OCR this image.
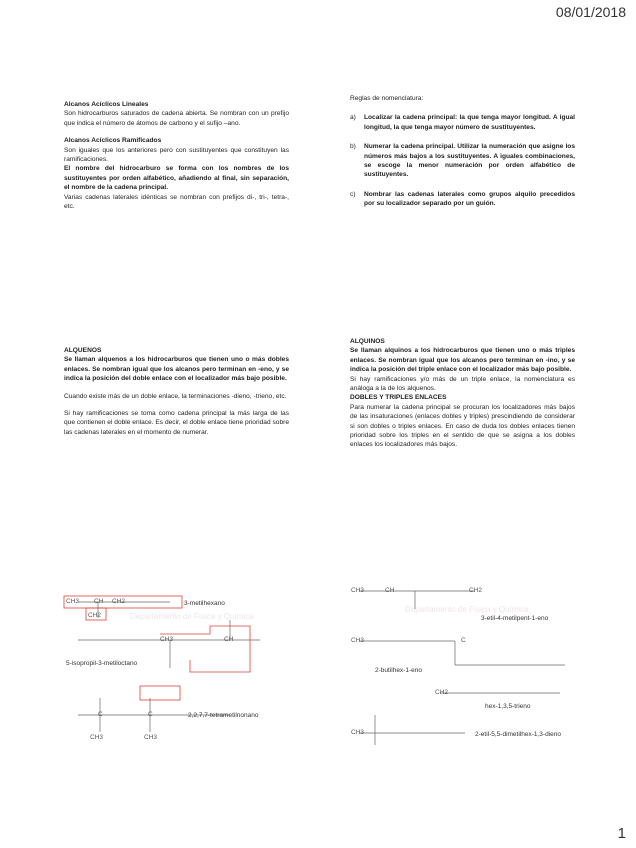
08/01/2018
Alcanos Acíclicos Lineales

Son hidrocarburos saturados de cadena abierta. Se nombran con un prefijo que indica el número de átomos de carbono y el sufijo –ano.

Alcanos Acíclicos Ramificados
Son iguales que los anteriores pero con sustituyentes que constituyen las ramificaciones.
El nombre del hidrocarburo se forma con los nombres de los sustituyentes por orden alfabético, añadiendo al final, sin separación, el nombre de la cadena principal.
Varias cadenas laterales idénticas se nombran con prefijos di-, tri-, tetra-, etc.
Reglas de nomenclatura:
a)	Localizar la cadena principal: la que tenga mayor longitud. A igual longitud, la que tenga mayor número de sustituyentes.
b)	Numerar la cadena principal. Utilizar la numeración que asigne los números más bajos a los sustituyentes. A iguales combinaciones, se escoge la menor numeración por orden alfabético de sustituyentes.
c)	Nombrar las cadenas laterales como grupos alquilo precedidos por su localizador separado por un guión.
ALQUENOS

Se llaman alquenos a los hidrocarburos que tienen uno o más dobles enlaces. Se nombran igual que los alcanos pero terminan en -eno, y se indica la posición del doble enlace con el localizador más bajo posible.

Cuando existe más de un doble enlace, la terminaciones -dieno, -trieno, etc.

Si hay ramificaciones se toma como cadena principal la más larga de las que contienen el doble enlace. Es decir, el doble enlace tiene prioridad sobre las cadenas laterales en el momento de numerar.

ALQUINOS
Se llaman alquinos a los hidrocarburos que tienen uno o más triples enlaces. Se nombran igual que los alcanos pero terminan en -ino, y se indica la posición del triple enlace con el localizador más bajo posible.
Si hay ramificaciones y/o más de un triple enlace, la nomenclatura es análoga a la de los alquenos.
DOBLES Y TRIPLES ENLACES
Para numerar la cadena principal se procuran los localizadores más bajos de las insaturaciones (enlaces dobles y triples) prescindiendo de considerar si son dobles o triples enlaces. En caso de duda los dobles enlaces tienen prioridad sobre los triples en el sentido de que se asigna a los dobles enlaces los localizadores más bajos.
Departamento de Física y Química
CH3	CH2
CH
CH2
CH3	CH
C	C
CH3	CH3
3-metilhexano
5-isopropil-3-metiloctano
2,2,7,7-tetrametilnonano
Departamento de Física y Química
CH3	CH	CH2
CH3	C
CH2
CH3
3-etil-4-metilpent-1-eno
2-butilhex-1-eno
hex-1,3,5-trieno
2-etil-5,5-dimetilhex-1,3-dieno
1
